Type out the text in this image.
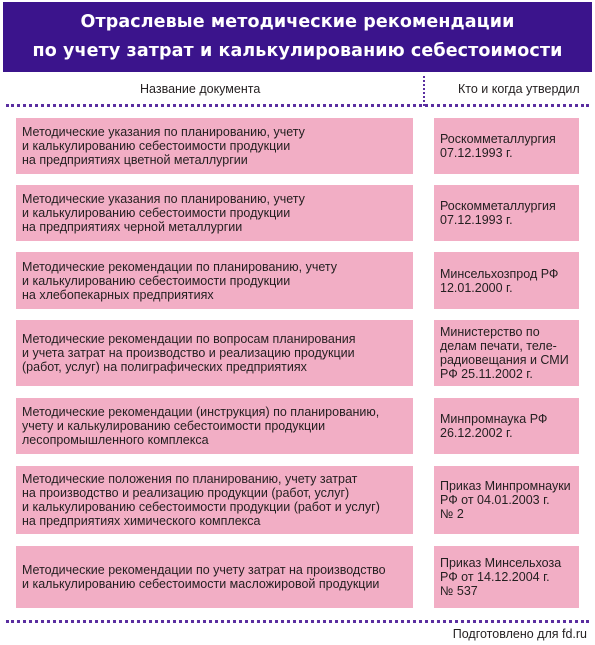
Отраслевые методические рекомендации
по учету затрат и калькулированию себестоимости
Название документа	Кто и когда утвердил
Методические указания по планированию, учету
и калькулированию себестоимости продукции
на предприятиях цветной металлургии
Роскомметаллургия
07.12.1993 г.
Методические указания по планированию, учету
и калькулированию себестоимости продукции
на предприятиях черной металлургии
Роскомметаллургия
07.12.1993 г.
Методические рекомендации по планированию, учету
и калькулированию себестоимости продукции
на хлебопекарных предприятиях
Минсельхозпрод РФ
12.01.2000 г.
Методические рекомендации по вопросам планирования
и учета затрат на производство и реализацию продукции
(работ, услуг) на полиграфических предприятиях
Министерство по
делам печати, теле-
радиовещания и СМИ
РФ 25.11.2002 г.
Методические рекомендации (инструкция) по планированию,
учету и калькулированию себестоимости продукции
лесопромышленного комплекса
Минпромнаука РФ
26.12.2002 г.
Методические положения по планированию, учету затрат
на производство и реализацию продукции (работ, услуг)
и калькулированию себестоимости продукции (работ и услуг)
на предприятиях химического комплекса
Приказ Минпромнауки
РФ от 04.01.2003 г.
№ 2
Методические рекомендации по учету затрат на производство
и калькулированию себестоимости масложировой продукции
Приказ Минсельхоза
РФ от 14.12.2004 г.
№ 537
Подготовлено для fd.ru
